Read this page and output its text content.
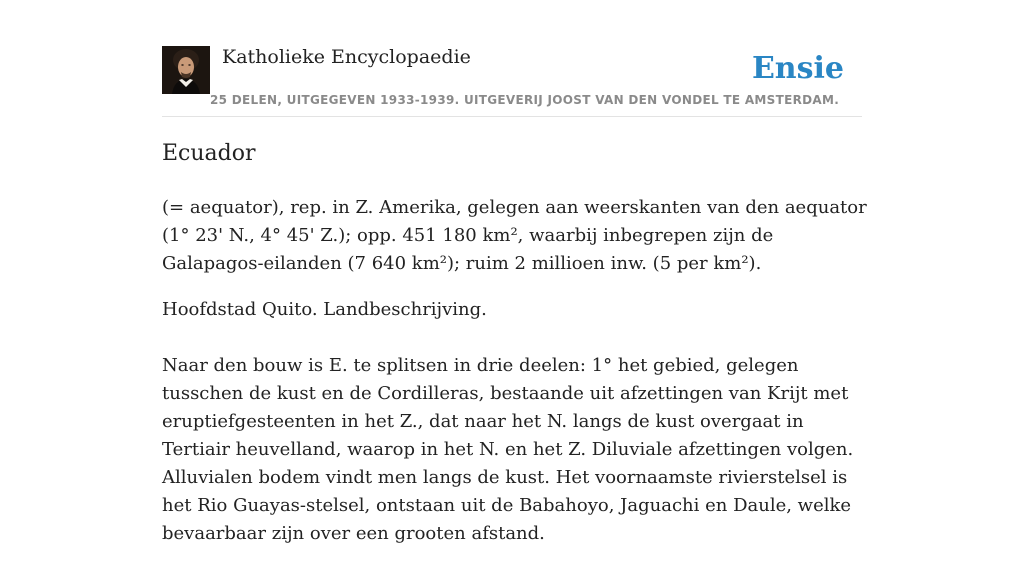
Katholieke Encyclopaedie
25 DELEN, UITGEGEVEN 1933-1939. UITGEVERIJ JOOST VAN DEN VONDEL TE AMSTERDAM.
Ensie
Ecuador

(= aequator), rep. in Z. Amerika, gelegen aan weerskanten van den aequator (1° 23' N., 4° 45' Z.); opp. 451 180 km², waarbij inbegrepen zijn de Galapagos-eilanden (7 640 km²); ruim 2 millioen inw. (5 per km²).

Hoofdstad Quito. Landbeschrijving.

Naar den bouw is E. te splitsen in drie deelen: 1° het gebied, gelegen tusschen de kust en de Cordilleras, bestaande uit afzettingen van Krijt met eruptiefgesteenten in het Z., dat naar het N. langs de kust overgaat in Tertiair heuvelland, waarop in het N. en het Z. Diluviale afzettingen volgen. Alluvialen bodem vindt men langs de kust. Het voornaamste rivierstelsel is het Rio Guayas-stelsel, ontstaan uit de Babahoyo, Jaguachi en Daule, welke bevaarbaar zijn over een grooten afstand.
